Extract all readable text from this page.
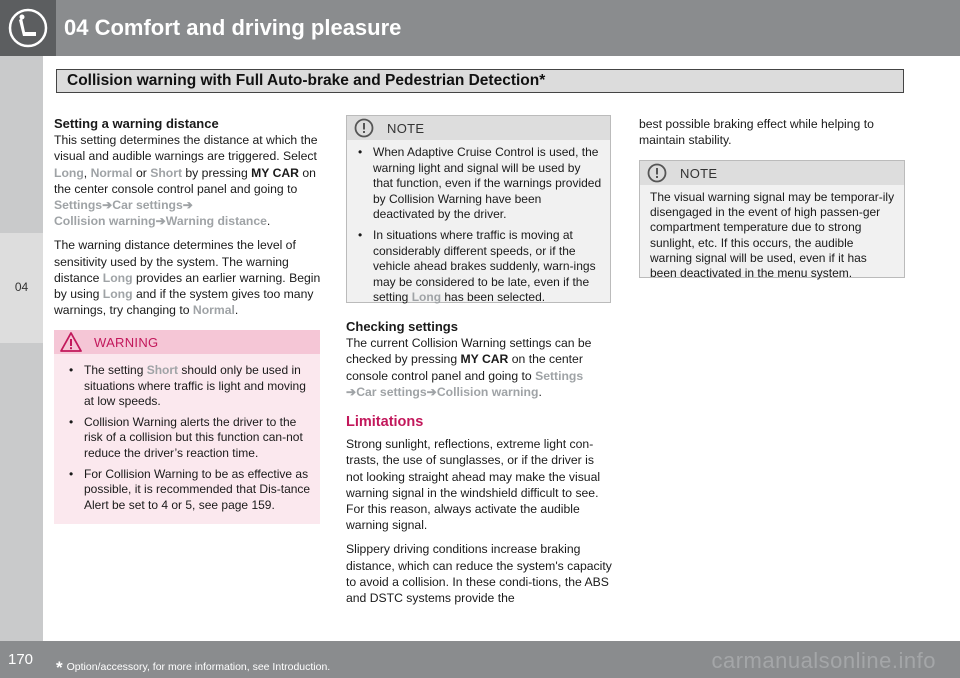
04 Comfort and driving pleasure
Collision warning with Full Auto-brake and Pedestrian Detection*
04
Setting a warning distance

This setting determines the distance at which the visual and audible warnings are triggered. Select Long, Normal or Short by pressing MY CAR on the center console control panel and going to
Settings➔Car settings➔
Collision warning➔Warning distance.

The warning distance determines the level of sensitivity used by the system. The warning distance Long provides an earlier warning. Begin by using Long and if the system gives too many warnings, try changing to Normal.

WARNING
• The setting Short should only be used in situations where traffic is light and moving at low speeds.
• Collision Warning alerts the driver to the risk of a collision but this function can-not reduce the driver’s reaction time.
• For Collision Warning to be as effective as possible, it is recommended that Dis-tance Alert be set to 4 or 5, see page 159.
NOTE
• When Adaptive Cruise Control is used, the warning light and signal will be used by that function, even if the warnings provided by Collision Warning have been deactivated by the driver.
• In situations where traffic is moving at considerably different speeds, or if the vehicle ahead brakes suddenly, warn-ings may be considered to be late, even if the setting Long has been selected.
Checking settings

The current Collision Warning settings can be checked by pressing MY CAR on the center console control panel and going to Settings
➔Car settings➔Collision warning.

Limitations

Strong sunlight, reflections, extreme light con-trasts, the use of sunglasses, or if the driver is not looking straight ahead may make the visual warning signal in the windshield difficult to see. For this reason, always activate the audible warning signal.

Slippery driving conditions increase braking distance, which can reduce the system's capacity to avoid a collision. In these condi-tions, the ABS and DSTC systems provide the

best possible braking effect while helping to maintain stability.

NOTE
The visual warning signal may be temporar-ily disengaged in the event of high passen-ger compartment temperature due to strong sunlight, etc. If this occurs, the audible warning signal will be used, even if it has been deactivated in the menu system.
170 * Option/accessory, for more information, see Introduction.	carmanualsonline.info
